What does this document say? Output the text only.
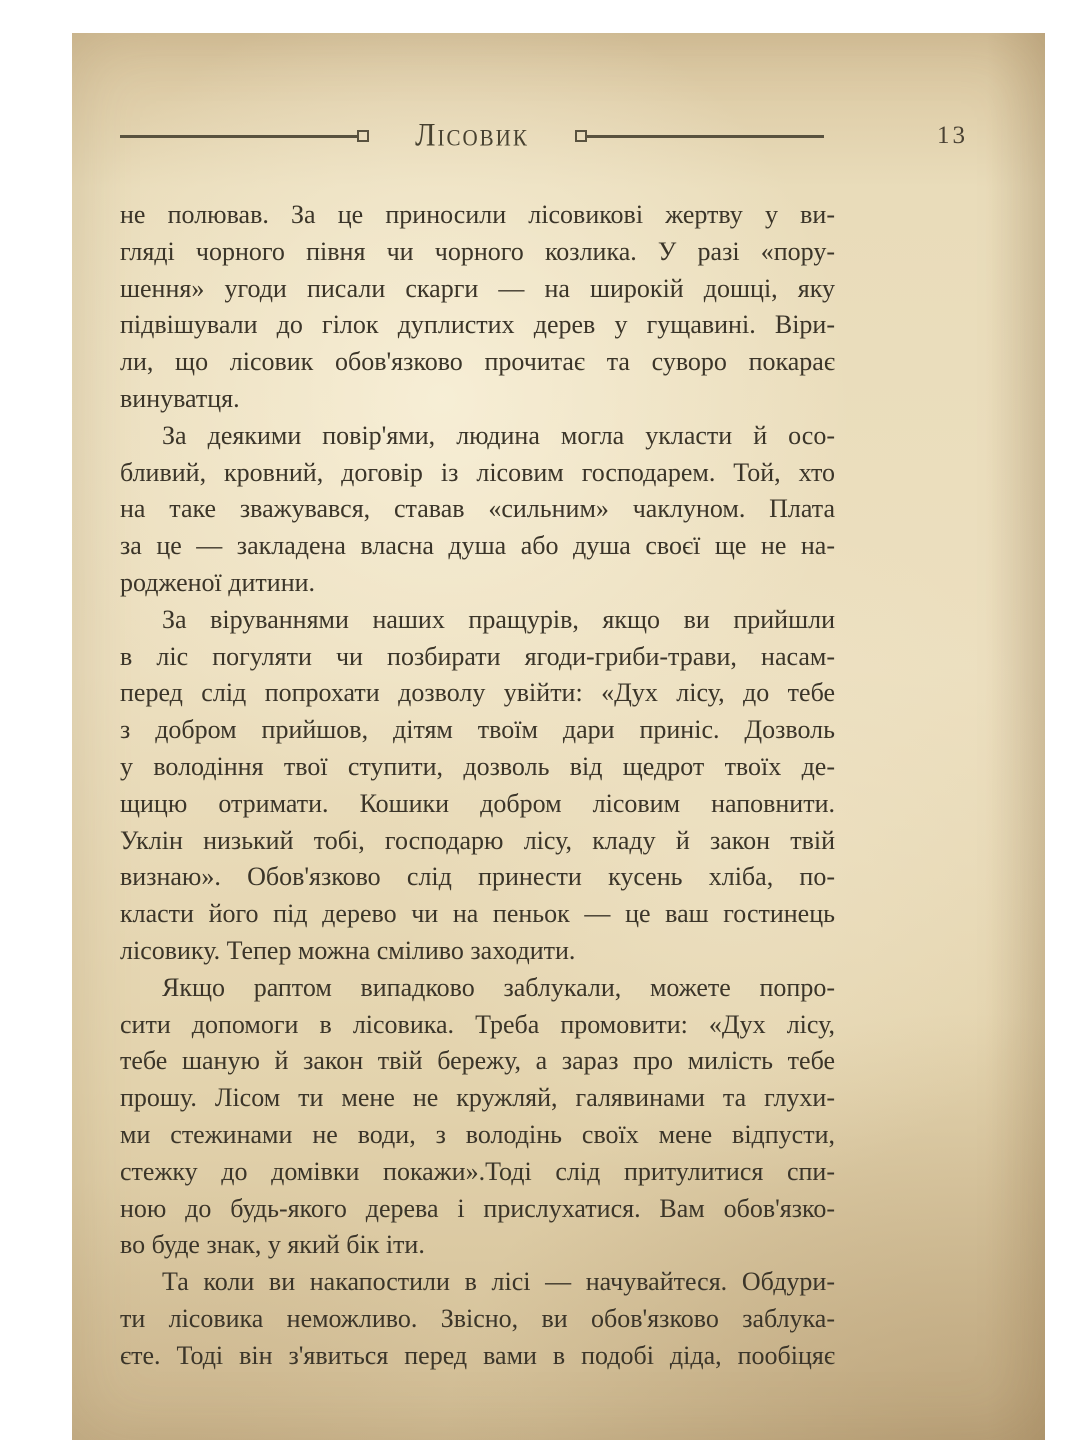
Лісовик	13
не полював. За це приносили лісовикові жертву у ви-
гляді чорного півня чи чорного козлика. У разі «пору-
шення» угоди писали скарги — на широкій дошці, яку
підвішували до гілок дуплистих дерев у гущавині. Віри-
ли, що лісовик обов'язково прочитає та суворо покарає
винуватця.
За деякими повір'ями, людина могла укласти й осо-
бливий, кровний, договір із лісовим господарем. Той, хто
на таке зважувався, ставав «сильним» чаклуном. Плата
за це — закладена власна душа або душа своєї ще не на-
родженої дитини.
За віруваннями наших пращурів, якщо ви прийшли
в ліс погуляти чи позбирати ягоди-гриби-трави, насам-
перед слід попрохати дозволу увійти: «Дух лісу, до тебе
з добром прийшов, дітям твоїм дари приніс. Дозволь
у володіння твої ступити, дозволь від щедрот твоїх де-
щицю отримати. Кошики добром лісовим наповнити.
Уклін низький тобі, господарю лісу, кладу й закон твій
визнаю». Обов'язково слід принести кусень хліба, по-
класти його під дерево чи на пеньок — це ваш гостинець
лісовику. Тепер можна сміливо заходити.
Якщо раптом випадково заблукали, можете попро-
сити допомоги в лісовика. Треба промовити: «Дух лісу,
тебе шаную й закон твій бережу, а зараз про милість тебе
прошу. Лісом ти мене не кружляй, галявинами та глухи-
ми стежинами не води, з володінь своїх мене відпусти,
стежку до домівки покажи».Тоді слід притулитися спи-
ною до будь-якого дерева і прислухатися. Вам обов'язко-
во буде знак, у який бік іти.
Та коли ви накапостили в лісі — начувайтеся. Обдури-
ти лісовика неможливо. Звісно, ви обов'язково заблука-
єте. Тоді він з'явиться перед вами в подобі діда, пообіцяє
